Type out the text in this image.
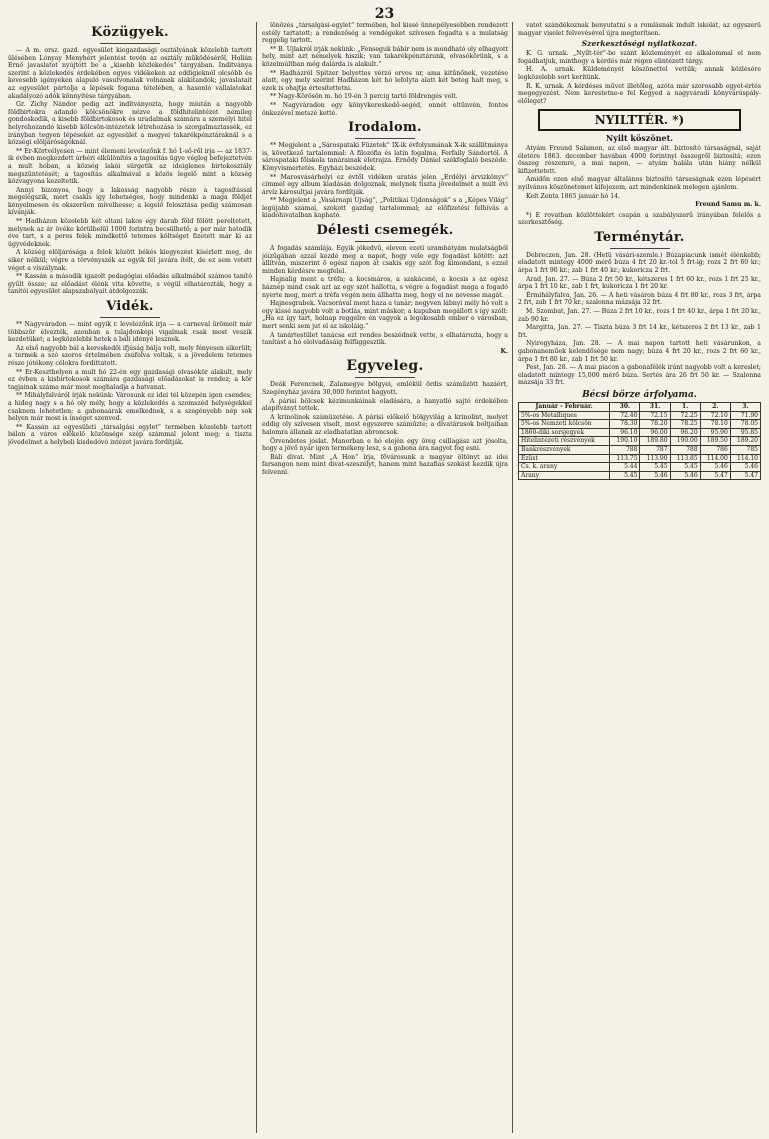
23
Közügyek.

— A m. orsz. gazd. egyesület kiegazdasági osztályának közelebb tartott ülésében Lónyay Menyhért jelentést tevén az osztály működéséről, Hollán Ernő javaslatot nyújtott be a „kisebb közlekedés“ tárgyában. Indítványa szerint a közlekedés érdekében egyes vidékeken az eddigieknél olcsóbb és kevesebb igényeken alapuló vasutvonalak volnának alakitandók; javaslatait az egyesület pártolja a lépések fogana tételében, a hasonló vállalatokat akadályozó adók könnyítése tárgyában.

Gr. Zichy Nándor pedig azt indítványozta, hogy miután a nagyobb földbirtokra adandó kölcsönökre nézve a földhitelintézet némileg gondoskodik, a kisebb földbirtokosok és uradalmak számára a személyi hitel helyrehozandó kisebb kölcsön-intézetek létrehozása is szorgalmaztassék, ez irányban tegyen lépéseket az egyesület a megyei takarékpénztáraknál s a községi elöljáróságoknál.

** Er-Körtvélyesen — mint élemeni levelezőnk f. hó 1-ső-ről irja — az 1837-ik évben megkezdett úrbéri elkülönítés a tagosítás ügye végleg befejeztetvén a mult hóban, a község lakói sürgetik az ideiglenes birtokosztály megszüntetését; a tagosítás alkalmával a közös legelő mint a község közvagyona kezeltetik.

Annyi bizonyos, hogy a lakosság nagyobb része a tagosítással megelégszik, mert csakis igy lehetséges, hogy mindenki a maga földjét kényelmesen és okszerűen mívelhesse; a legelő felosztása pedig számosan kívánják.

** Hadházon közelebb két oltani lakos egy darab föld fölött pereltetett, melynek az ár övéke körülbelül 1000 forintra becsülhető; a per már hatodik éve tart, s a peres felek mindkettő tetemes költséget fizetett már ki az ügyvédeknek.

A község elöljárósága a felek között békés kiegyezést kísérlett meg, de siker nélkül; végre a törvényszék az egyik fél javára ítélt, de ez sem vetett véget a viszálynak.

** Kassán a második igazolt pedagógiai előadás alkalmából számos tanító gyűlt össze; az előadást élénk vita követte, s végül elhatározták, hogy a tanítói egyesület alapszabályait átdolgozzák.

Vidék.

** Nagyváradon — mint egyik r. levelezőnk irja — a carneval ürömeit már többször élvezték, azonban a tulajdonképi vigalmak csak most veszik kezdetüket; a legközelebbi hetek a báli idényé lesznek.

Az első nagyobb bál a kereskedői ifjúság bálja volt, mely fényesen sikerült; a termek a szó szoros értelmében zsúfolva voltak, s a jövedelem tetemes része jótékony célokra fordíttatott.

** Er-Keszthelyen a mult hó 22-én egy gazdasági olvasókör alakult, mely ez évben a kisbirtokosok számára gazdasági előadásokat is rendez; a kör tagjainak száma már most meghaladja a hatvanat.

** Mihályfalváról írják nekünk: Városunk ez idei tél közepén igen csendes; a hideg nagy s a hó oly mély, hogy a közlekedés a szomszéd helységekkel csaknem lehetetlen; a gabonaárak emelkednek, s a szegényebb nép sok helyen már most is ínséget szenved.

** Kassán az egyesületi „társalgási egylet“ termében közelebb tartott bálon a város előkelő közönsége szép számmal jelent meg; a tiszta jövedelmet a helybeli kisdedóvó intézet javára fordítják.

lönözés „társalgási-egylet“ termében, hol kissé ünnepélyesebben rendezett estély tartatott; a rendezőség a vendégeket szívesen fogadta s a mulatság reggelig tartott.

** B. Ujlakról irják nekünk: „Fenseguk bábir nem is mondható oly elhagyott hely, mint azt némelyek hiszik; van takarékpénztárunk, olvasókörünk, s a közelmúltban még dalárda is alakult.“

** Hadházról Spitzer belyettes vérzó orvos ur, ama kitűnőnek, vezetése alatt, egy mely szerint Hadházon két hó lefolyta alatt két beteg halt meg, s ezek is ohajtja értesítettetni.

** Nagy-Körösön m. hó 19-én 3 percig tartó földrengés volt.

** Nagyváradon egy könyvkereskedő-segéd, onnét eltűnvén, fontos önkezével metszé ketté.

Irodalom.

** Megjelent a „Sárospataki Füzetek“ IX-ik évfolyamának X-ik szállítmánya is, következő tartalommal: A filozófia és latin fogalma, Ferfaily Sándortól. A sárospataki főiskola tanárainak életrajza. Ernődy Dániel székfoglaló beszéde. Könyvismertetés. Egyházi beszédek.

** Marosvásárhelyi ez évtől vidéken uratás jelen „Erdélyi árvizkönyv“ címmel egy album kiadásán dolgoznak, melynek tiszta jövedelmét a múlt évi árvíz károsultjai javára fordítják.

** Megjelent a „Vasárnapi Ujság“, „Politikai Ujdonságok“ s a „Képes Világ“ legújabb számai, szokott gazdag tartalommal; az előfizetési felhívás a kiadóhivatalban kapható.

Délesti csemegék.

A fogadás számlája. Egyik jókedvű, eleven ezeti urambátyám mulatságból jóizűgában azzal kezdé meg a napot, hogy vele egy fogadást kötött: azt állítván, miszerint ő egész napon át csakis egy szót fog kimondani, s ezzel minden kérdésre megfelel.

Hajnalig ment a tréfa; a kocsmáros, a szakácsné, a kocsis s az egész háznép mind csak azt az egy szót hallotta, s végre a fogadást maga a fogadó nyerte meg, mert a tréfa végén nem állhatta meg, hogy el ne nevesse magát.

Hajnesgrabek. Vacsorával ment haza a tanár; negyven lábnyi mély hó volt s egy kissé nagyobb volt a botlás, mint máskor; a kapuban megállott s így szólt: „Ha ez így tart, holnap reggelre én vagyok a legokosabb ember e városban, mert senki sem jut el az iskoláig.“

A tanártestület tanácsa ezt rendes beszédnek vette, s elhatározta, hogy a tanítást a hó elolvadásáig felfüggesztik.

K.
Egyveleg.

Deák Ferencnek, Zalamegye bölgyei, emlékül ördis száműzött hazáért, Szegényház javára 30,000 forintot hagyott.

A párisi bölcsek kézimunkáinak eladására, a hanyatló sajtó érdekében alapítványt tettek.

A krinolinok számüzetése. A párisi előkelő hölgyvilág a krinolint, melyet eddig oly szívesen viselt, most egyszerre száműzte; a divatárusok boltjaiban halomra állanak az eladhatatlan abroncsok.

Örvendetes jóslat. Manorban e hó elején egy öreg csillagász azt jósolta, hogy a jövő nyár igen termékeny lesz, s a gabona ára nagyot fog esni.

Báli divat. Mint „A Hon“ írja, fővárosunk a magyar öltönyt az idei farsangon nem mint divat-szeszélyt, hanem mint hazafias szokást kezdik újra felvenni.

vatot szándékoznak benyutatni s a romlásnak indult iskolát, az egyszerű magyar viselet felvevésével újra megterítsen.

Szerkesztőségi nyilatkozat.

K. G. urnak. „Nyílt-tér“-be szánt közleményét ez alkalommal el nem fogadhatjuk, minthogy a kérdés már régen elintézett tárgy.

H. A. urnak. Küldeményét köszönettel vettük; annak közlésére legközelebb sort kerítünk.

R. K. urnak. A kérdéses művet illetőleg, azóta már szorosabb egyet-értés megegyezést. Nem kerestetne-e fel Kegyed a nagyváradi könyvárúspály-előleget?

NYILTTÉR. *)
Nyilt köszönet.

Atyám Freund Salamon, az első magyar ált. biztosító társaságnál, saját életére 1863. december havában 4000 forintnyi összegről biztosítá; ezen összeg részemre, a mai napon, — atyám halála után hiány nélkül kifizettetett.

Amidőn ezen első magyar általános biztosító társaságnak ezen lépésért nyilvános köszönetemet kifejezem, azt mindenkinek melegen ajánlom.

Kelt Zenta 1865 január hó 14.

Freund Samu m. k.

*) E rovatban közlöttekért csupán a szabályszerű irányában felelős a szerkesztőség.

Terménytár.

Debreczen, Jan. 28. (Hetü vásári-szemle.) Búzapiacunk ismét élénkebb; eladatott mintegy 4000 mérő búza 4 frt 20 kr.-tól 5 frt-ig; rozs 2 frt 60 kr.; árpa 1 frt 90 kr.; zab 1 frt 40 kr.; kukoricza 2 frt.

Arad, Jan. 27. — Búza 2 frt 50 kr., kétszeres 1 frt 60 kr., rozs 1 frt 25 kr., árpa 1 frt 10 kr., zab 1 frt, kukoricza 1 frt 20 kr.

Érmihályfalva, Jan. 26. — A heti vásáron búza 4 frt 80 kr., rozs 3 frt, árpa 2 frt, zab 1 frt 70 kr.; szalonna mázsája 32 frt.

M. Szombat, Jan. 27. — Búza 2 frt 10 kr., rozs 1 frt 40 kr., árpa 1 frt 20 kr., zab 90 kr.

Margitta, Jan. 27. — Tiszta búza 3 frt 14 kr., kétszeres 2 frt 13 kr., zab 1 frt.

Nyiregyháza, Jan. 28. — A mai napon tartott heti vásárunkon, a gabonaneműek kelendősége nem nagy; búza 4 frt 20 kr., rozs 2 frt 60 kr., árpa 1 frt 80 kr., zab 1 frt 50 kr.

Pest, Jan. 28. — A mai piacon a gabonafélék iránt nagyobb volt a kereslet; eladatott mintegy 15,000 mérő búza. Sertés ára 26 frt 50 kr. — Szalonna mázsája 33 frt.

Bécsi börze árfolyama.
Január - Február.	30.	31.	1.	2.	3.
5%-os Metalliques	72.40	72.15	72.25	72.10	71.90
5%-os Nemzeti kölcsön	78.30	78.20	78.25	78.10	78.05
1860-diki sorsjegyek	96.10	96.00	96.20	95.90	95.85
Hitelintézeti részvények	190.10	189.80	190.00	189.50	189.20
Bankrészvények	788	787	788	786	785
Ezüst	113.75	113.90	113.85	114.00	114.10
Cs. k. arany	5.44	5.45	5.45	5.46	5.46
Arany	5.45	5.46	5.46	5.47	5.47
